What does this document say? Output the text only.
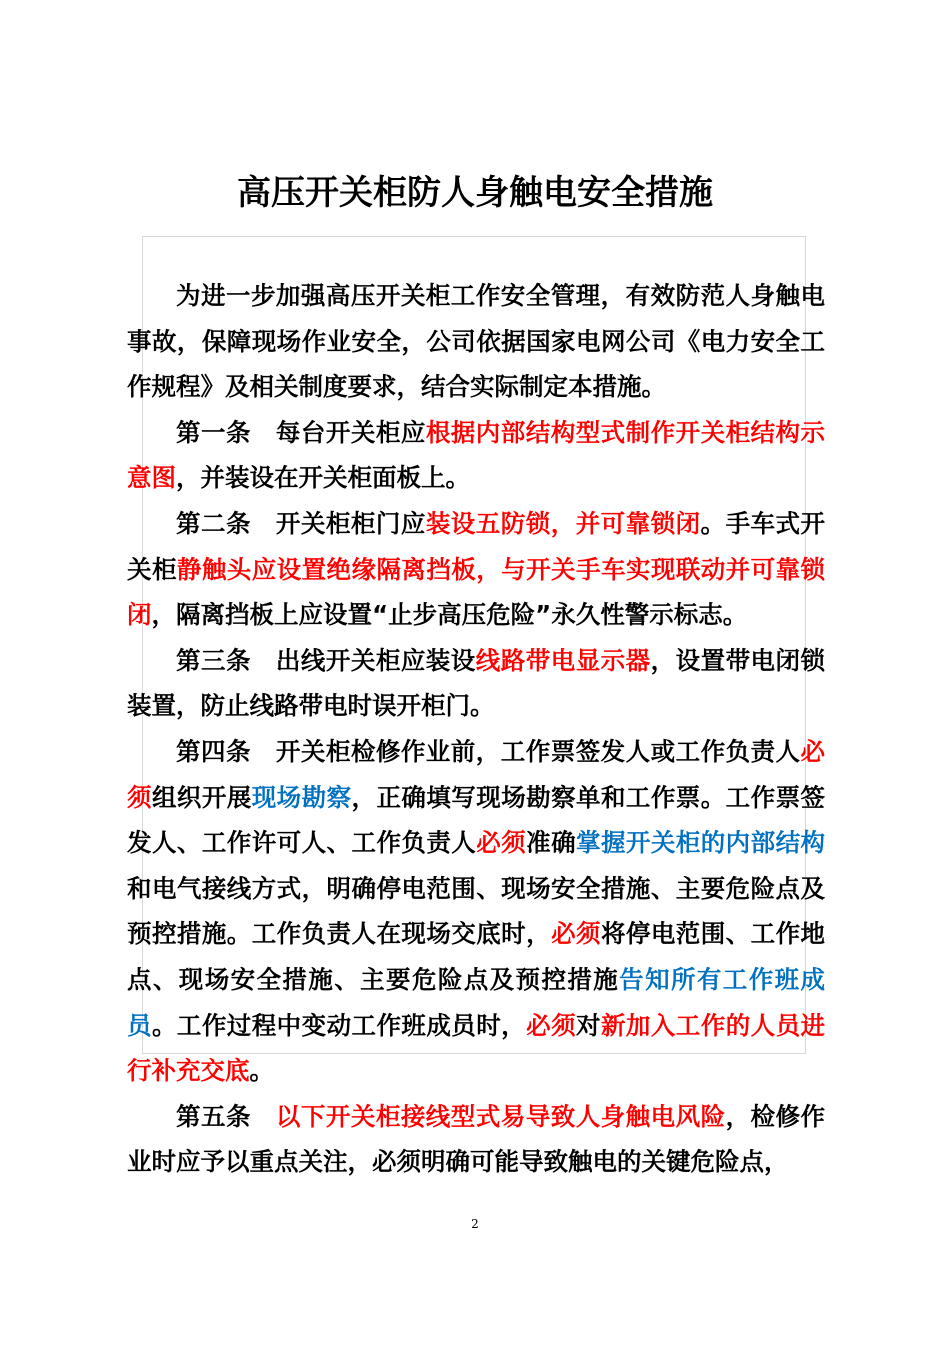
高压开关柜防人身触电安全措施

为进一步加强高压开关柜工作安全管理，有效防范人身触电事故，保障现场作业安全，公司依据国家电网公司《电力安全工作规程》及相关制度要求，结合实际制定本措施。

第一条  每台开关柜应根据内部结构型式制作开关柜结构示意图，并装设在开关柜面板上。

第二条  开关柜柜门应装设五防锁，并可靠锁闭。手车式开关柜静触头应设置绝缘隔离挡板，与开关手车实现联动并可靠锁闭，隔离挡板上应设置“止步高压危险”永久性警示标志。

第三条  出线开关柜应装设线路带电显示器，设置带电闭锁装置，防止线路带电时误开柜门。

第四条  开关柜检修作业前，工作票签发人或工作负责人必须组织开展现场勘察，正确填写现场勘察单和工作票。工作票签发人、工作许可人、工作负责人必须准确掌握开关柜的内部结构和电气接线方式，明确停电范围、现场安全措施、主要危险点及预控措施。工作负责人在现场交底时，必须将停电范围、工作地点、现场安全措施、主要危险点及预控措施告知所有工作班成员。工作过程中变动工作班成员时，必须对新加入工作的人员进行补充交底。

第五条  以下开关柜接线型式易导致人身触电风险，检修作业时应予以重点关注，必须明确可能导致触电的关键危险点，

2
